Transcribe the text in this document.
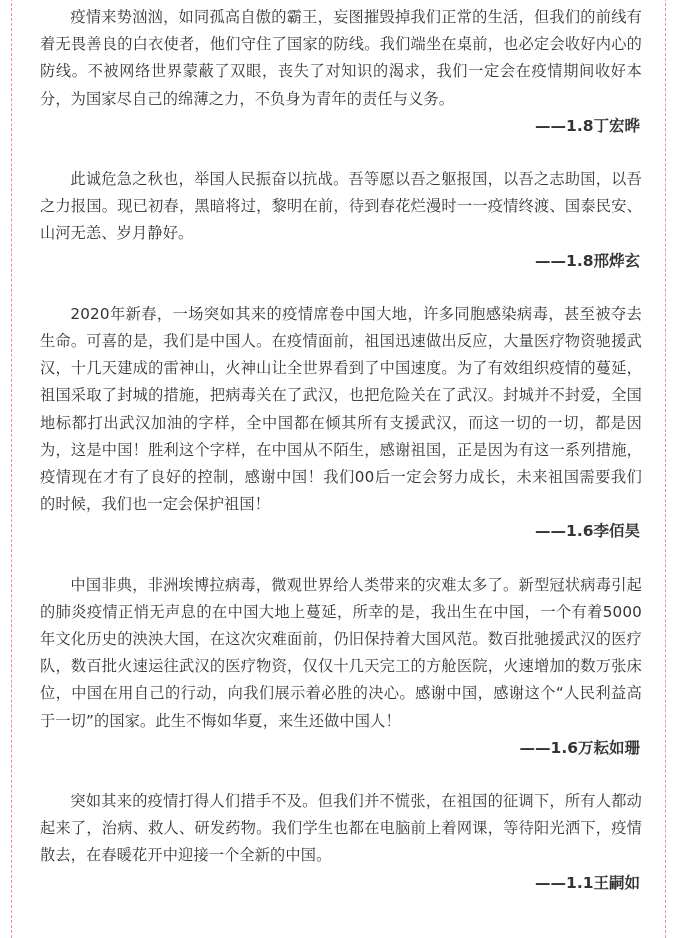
疫情来势汹汹，如同孤高自傲的霸王，妄图摧毁掉我们正常的生活，但我们的前线有着无畏善良的白衣使者，他们守住了国家的防线。我们端坐在桌前，也必定会收好内心的防线。不被网络世界蒙蔽了双眼，丧失了对知识的渴求，我们一定会在疫情期间收好本分，为国家尽自己的绵薄之力，不负身为青年的责任与义务。

——1.8丁宏晔

此诚危急之秋也，举国人民振奋以抗战。吾等愿以吾之躯报国，以吾之志助国，以吾之力报国。现已初春，黑暗将过，黎明在前，待到春花烂漫时一一疫情终渡、国泰民安、山河无恙、岁月静好。

——1.8邢烨玄

2020年新春，一场突如其来的疫情席卷中国大地，许多同胞感染病毒，甚至被夺去生命。可喜的是，我们是中国人。在疫情面前，祖国迅速做出反应，大量医疗物资驰援武汉，十几天建成的雷神山，火神山让全世界看到了中国速度。为了有效组织疫情的蔓延，祖国采取了封城的措施，把病毒关在了武汉，也把危险关在了武汉。封城并不封爱，全国地标都打出武汉加油的字样，全中国都在倾其所有支援武汉，而这一切的一切，都是因为，这是中国！胜利这个字样，在中国从不陌生，感谢祖国，正是因为有这一系列措施，疫情现在才有了良好的控制，感谢中国！我们00后一定会努力成长，未来祖国需要我们的时候，我们也一定会保护祖国！

——1.6李佰昊

中国非典，非洲埃博拉病毒，微观世界给人类带来的灾难太多了。新型冠状病毒引起的肺炎疫情正悄无声息的在中国大地上蔓延，所幸的是，我出生在中国，一个有着5000年文化历史的泱泱大国，在这次灾难面前，仍旧保持着大国风范。数百批驰援武汉的医疗队，数百批火速运往武汉的医疗物资，仅仅十几天完工的方舱医院，火速增加的数万张床位，中国在用自己的行动，向我们展示着必胜的决心。感谢中国，感谢这个“人民利益高于一切”的国家。此生不悔如华夏，来生还做中国人！

——1.6万耘如珊

突如其来的疫情打得人们措手不及。但我们并不慌张，在祖国的征调下，所有人都动起来了，治病、救人、研发药物。我们学生也都在电脑前上着网课，等待阳光洒下，疫情散去，在春暖花开中迎接一个全新的中国。

——1.1王嗣如
